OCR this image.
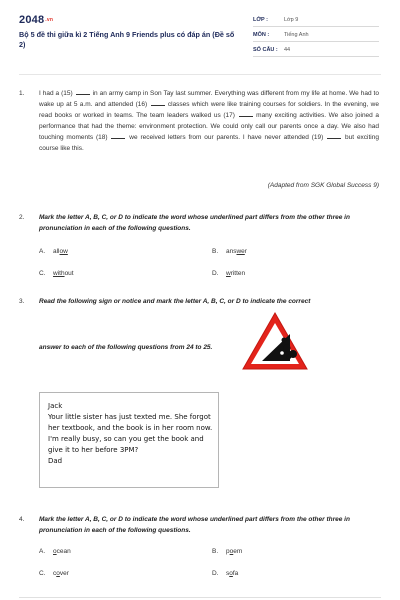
2048.vn
Bộ 5 đề thi giữa kì 2 Tiếng Anh 9 Friends plus có đáp án (Đề số 2)
LỚP :	Lớp 9
MÔN :	Tiếng Anh
SỐ CÂU : 44
1. I had a (15)	in an army camp in Son Tay last summer. Everything was different from my life at home. We had to wake up at 5 a.m. and attended (16)	classes which were like training courses for soldiers. In the evening, we read books or worked in teams. The team leaders walked us (17)	many exciting activities. We also joined a performance that had the theme: environment protection. We could only call our parents once a day. We also had touching moments (18)	we received letters from our parents. I have never attended (19)	but exciting course like this.

(Adapted from SGK Global Success 9)
2. Mark the letter A, B, C, or D to indicate the word whose underlined part differs from the other three in pronunciation in each of the following questions.

A. allow	B. answer
C. without	D. written
3. Read the following sign or notice and mark the letter A, B, C, or D to indicate the correct

answer to each of the following questions from 24 to 25.

Jack
Your little sister has just texted me. She forgot
her textbook, and the book is in her room now.
I'm really busy, so can you get the book and
give it to her before 3PM?
Dad
4. Mark the letter A, B, C, or D to indicate the word whose underlined part differs from the other three in pronunciation in each of the following questions.

A. ocean	B. poem
C. cover	D. sofa
